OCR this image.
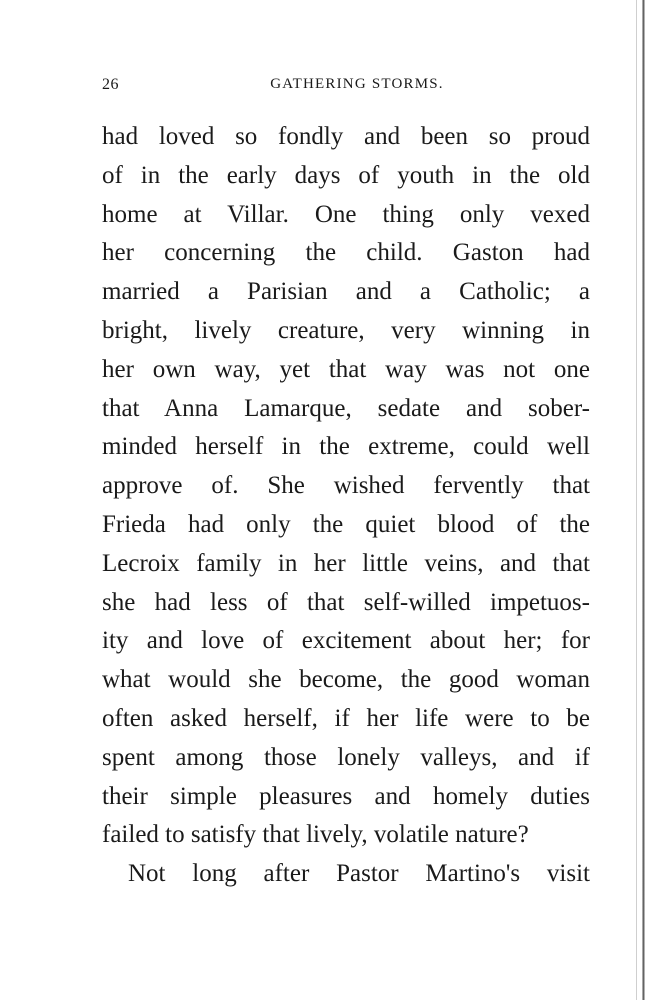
26	GATHERING STORMS.
had loved so fondly and been so proud
of in the early days of youth in the old
home at Villar. One thing only vexed
her concerning the child. Gaston had
married a Parisian and a Catholic; a
bright, lively creature, very winning in
her own way, yet that way was not one
that Anna Lamarque, sedate and sober-
minded herself in the extreme, could well
approve of. She wished fervently that
Frieda had only the quiet blood of the
Lecroix family in her little veins, and that
she had less of that self-willed impetuos-
ity and love of excitement about her; for
what would she become, the good woman
often asked herself, if her life were to be
spent among those lonely valleys, and if
their simple pleasures and homely duties
failed to satisfy that lively, volatile nature?
Not long after Pastor Martino's visit
